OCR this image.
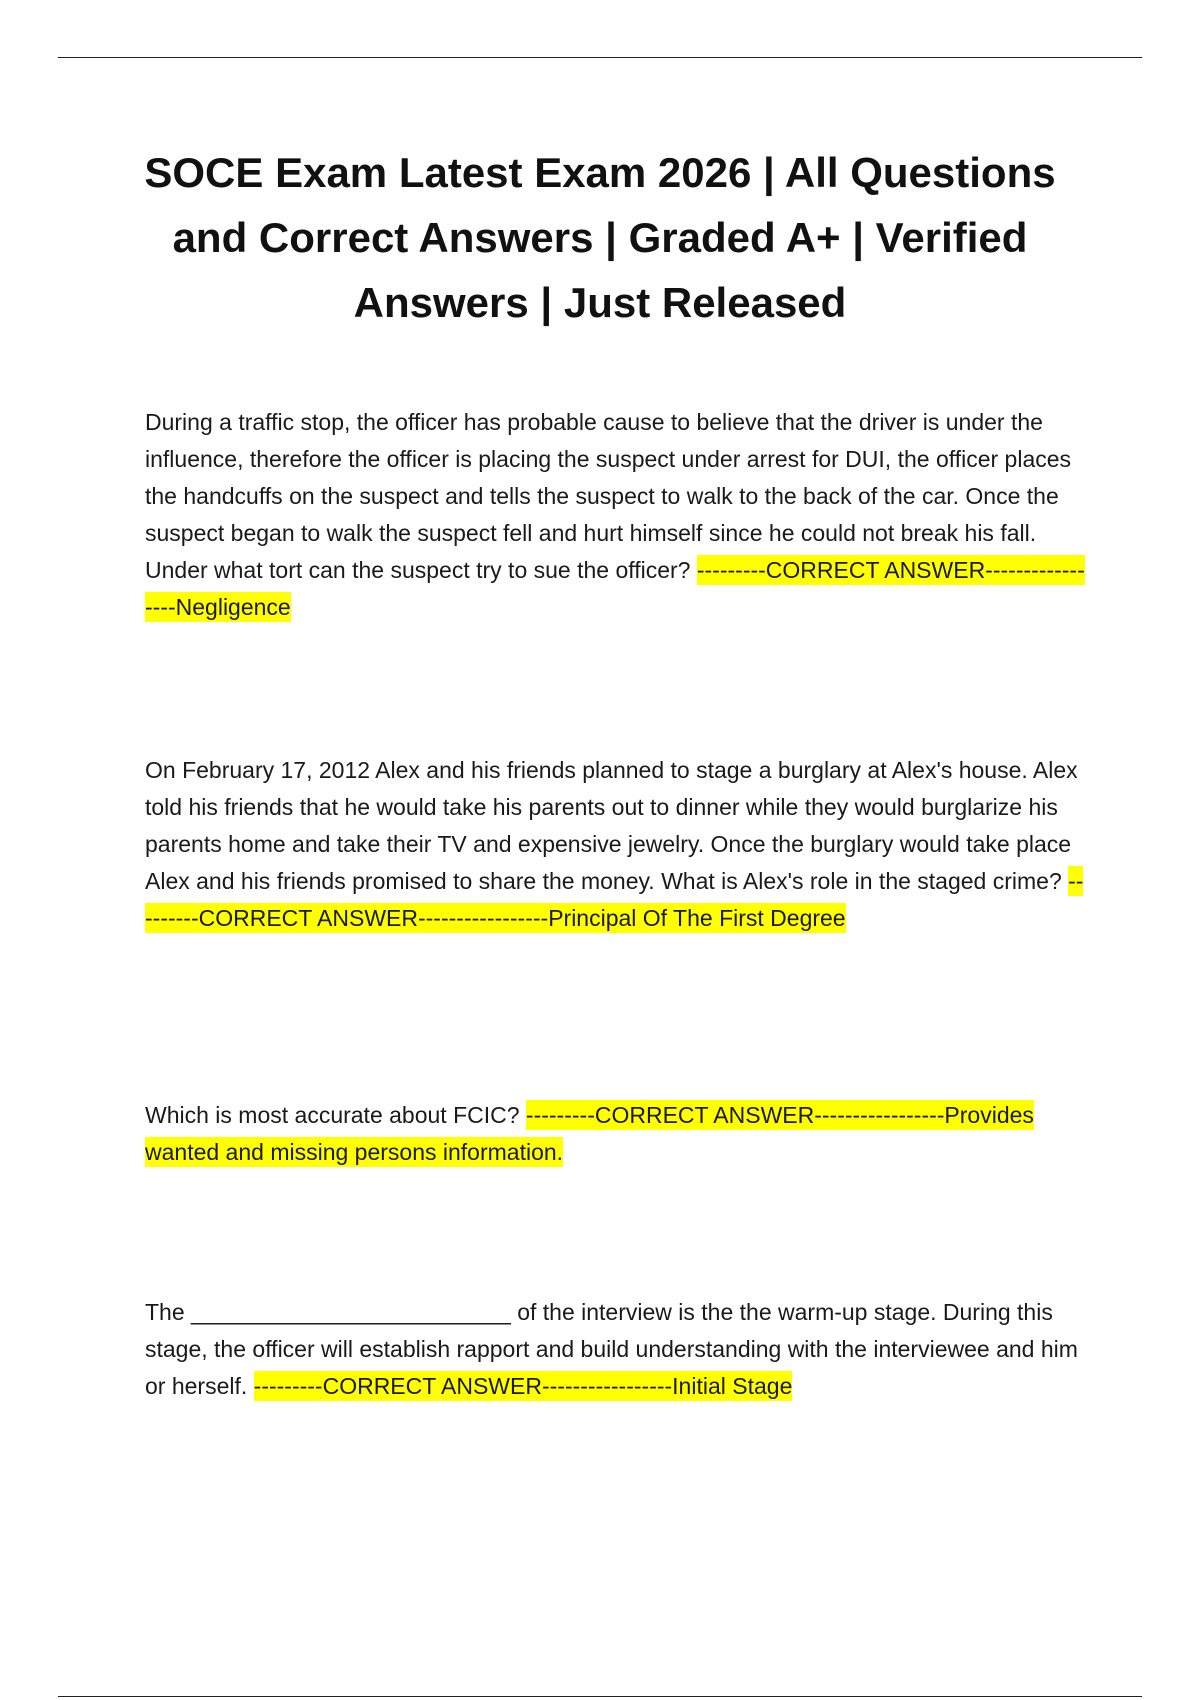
SOCE Exam Latest Exam 2026 | All Questions and Correct Answers | Graded A+ | Verified Answers | Just Released

During a traffic stop, the officer has probable cause to believe that the driver is under the influence, therefore the officer is placing the suspect under arrest for DUI, the officer places the handcuffs on the suspect and tells the suspect to walk to the back of the car. Once the suspect began to walk the suspect fell and hurt himself since he could not break his fall. Under what tort can the suspect try to sue the officer? ---------CORRECT ANSWER-----------------Negligence

On February 17, 2012 Alex and his friends planned to stage a burglary at Alex's house. Alex told his friends that he would take his parents out to dinner while they would burglarize his parents home and take their TV and expensive jewelry. Once the burglary would take place Alex and his friends promised to share the money. What is Alex's role in the staged crime? ---------CORRECT ANSWER-----------------Principal Of The First Degree

Which is most accurate about FCIC? ---------CORRECT ANSWER-----------------Provides wanted and missing persons information.

The _________________________ of the interview is the the warm-up stage. During this stage, the officer will establish rapport and build understanding with the interviewee and him or herself. ---------CORRECT ANSWER-----------------Initial Stage
